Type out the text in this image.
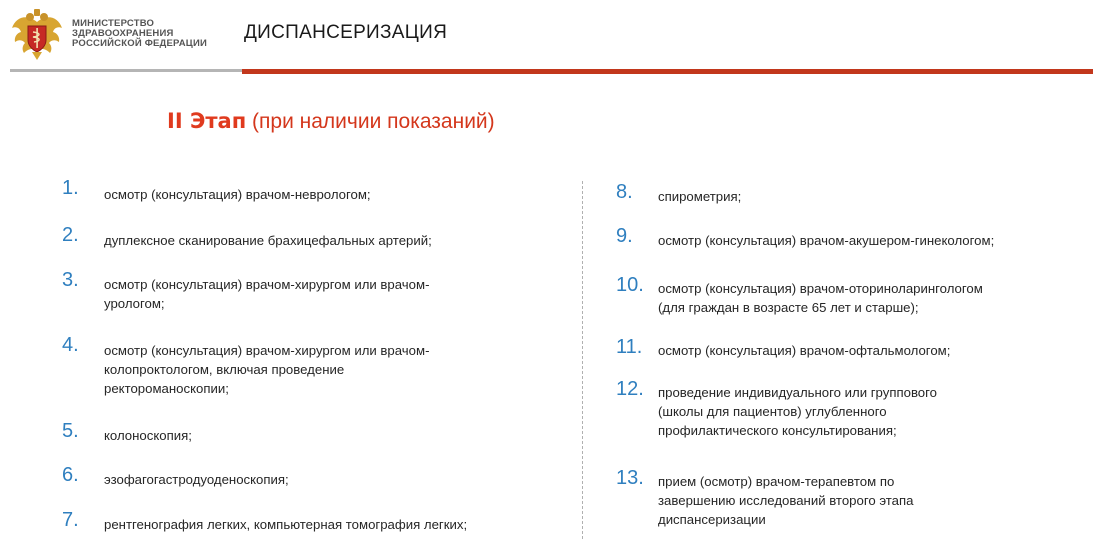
МИНИСТЕРСТВО
ЗДРАВООХРАНЕНИЯ
РОССИЙСКОЙ ФЕДЕРАЦИИ
ДИСПАНСЕРИЗАЦИЯ
II Этап (при наличии показаний)
1. осмотр (консультация) врачом-неврологом;
2. дуплексное сканирование брахицефальных артерий;
3. осмотр (консультация) врачом-хирургом или врачом-
урологом;
4. осмотр (консультация) врачом-хирургом или врачом-
колопроктологом, включая проведение
ректороманоскопии;
5. колоноскопия;
6. эзофагогастродуоденоскопия;
7. рентгенография легких, компьютерная томография легких;
8. спирометрия;
9. осмотр (консультация) врачом-акушером-гинекологом;
10. осмотр (консультация) врачом-оториноларингологом
(для граждан в возрасте 65 лет и старше);
11. осмотр (консультация) врачом-офтальмологом;
12. проведение индивидуального или группового
(школы для пациентов) углубленного
профилактического консультирования;
13. прием (осмотр) врачом-терапевтом по
завершению исследований второго этапа
диспансеризации
